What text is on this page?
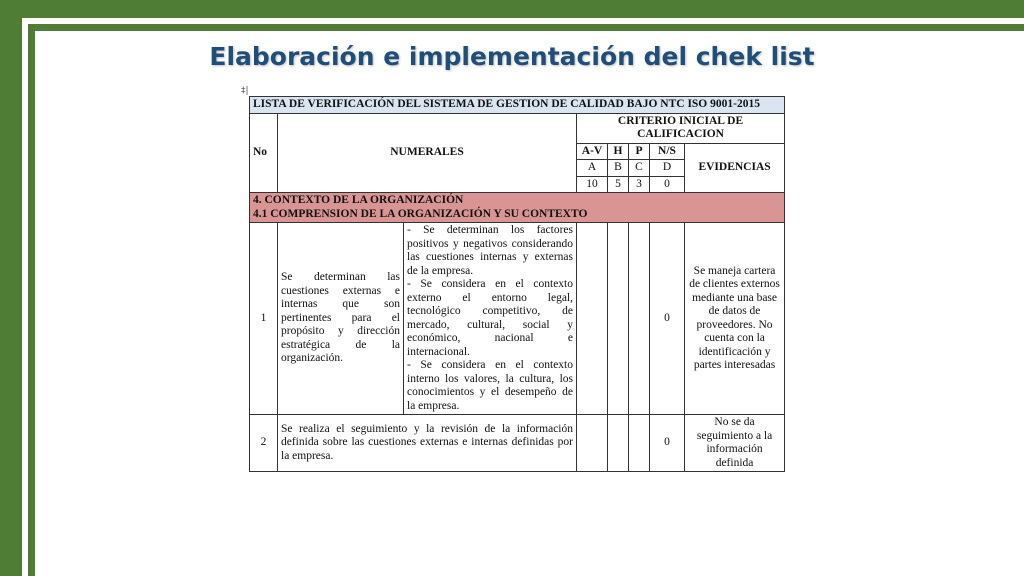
Elaboración e implementación del chek list
‡|
LISTA DE VERIFICACIÓN DEL SISTEMA DE GESTION DE CALIDAD BAJO NTC ISO 9001-2015							
No	NUMERALES		CRITERIO INICIAL DE CALIFICACION				
			A-V	H	P	N/S	EVIDENCIAS
			A	B	C	D	
			10	5	3	0	

4. CONTEXTO DE LA ORGANIZACIÓN
4.1 COMPRENSION DE LA ORGANIZACIÓN Y SU CONTEXTO							

1	Se determinan las cuestiones externas e internas que son pertinentes para el propósito y dirección estratégica de la organización.	- Se determinan los factores positivos y negativos considerando las cuestiones internas y externas de la empresa.
- Se considera en el contexto externo el entorno legal, tecnológico competitivo, de mercado, cultural, social y económico, nacional e internacional.
- Se considera en el contexto interno los valores, la cultura, los conocimientos y el desempeño de la empresa.				0	Se maneja cartera de clientes externos mediante una base de datos de proveedores. No cuenta con la identificación y partes interesadas
2	Se realiza el seguimiento y la revisión de la información definida sobre las cuestiones externas e internas definidas por la empresa.					0	No se da seguimiento a la información definida
